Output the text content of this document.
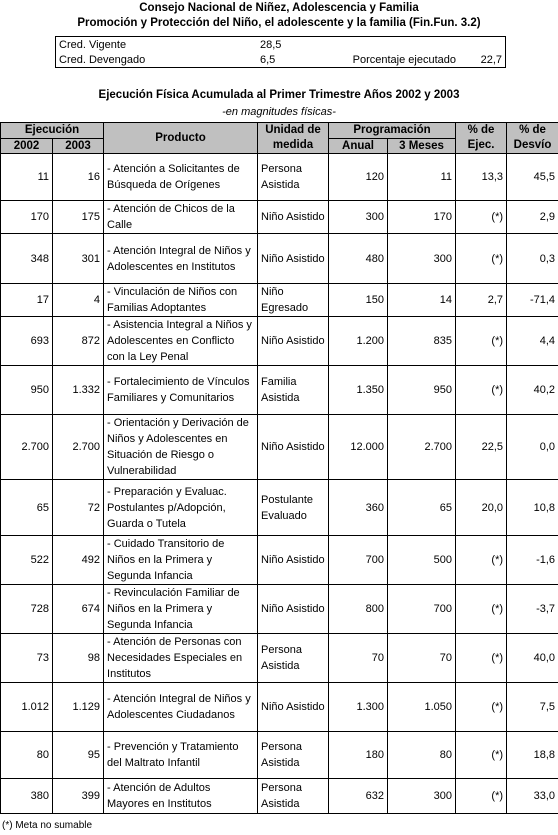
Consejo Nacional de Niñez, Adolescencia y Familia
Promoción y Protección del Niño, el adolescente y la familia (Fin.Fun. 3.2)
Cred. Vigente	28,5		
Cred. Devengado	6,5	Porcentaje ejecutado	22,7
Ejecución Física Acumulada al Primer Trimestre Años 2002 y 2003
-en magnitudes físicas-
Ejecución		Producto	Unidad de medida	Programación		% de Ejec.	% de Desvío
2002	2003			Anual	3 Meses		
11	16	- Atención a Solicitantes de Búsqueda de Orígenes	Persona Asistida	120	11	13,3	45,5
170	175	- Atención de Chicos de la Calle	Niño Asistido	300	170	(*)	2,9
348	301	- Atención Integral de Niños y Adolescentes en Institutos	Niño Asistido	480	300	(*)	0,3
17	4	- Vinculación de Niños con Familias Adoptantes	Niño Egresado	150	14	2,7	-71,4
693	872	- Asistencia Integral a Niños y Adolescentes en Conflicto con la Ley Penal	Niño Asistido	1.200	835	(*)	4,4
950	1.332	- Fortalecimiento de Vínculos Familiares y Comunitarios	Familia Asistida	1.350	950	(*)	40,2
2.700	2.700	- Orientación y Derivación de Niños y Adolescentes en Situación de Riesgo o Vulnerabilidad	Niño Asistido	12.000	2.700	22,5	0,0
65	72	- Preparación y Evaluac. Postulantes p/Adopción, Guarda o Tutela	Postulante Evaluado	360	65	20,0	10,8
522	492	- Cuidado Transitorio de Niños en la Primera y Segunda Infancia	Niño Asistido	700	500	(*)	-1,6
728	674	- Revinculación Familiar de Niños en la Primera y Segunda Infancia	Niño Asistido	800	700	(*)	-3,7
73	98	- Atención de Personas con Necesidades Especiales en Institutos	Persona Asistida	70	70	(*)	40,0
1.012	1.129	- Atención Integral de Niños y Adolescentes Ciudadanos	Niño Asistido	1.300	1.050	(*)	7,5
80	95	- Prevención y Tratamiento del Maltrato Infantil	Persona Asistida	180	80	(*)	18,8
380	399	- Atención de Adultos Mayores en Institutos	Persona Asistida	632	300	(*)	33,0
(*) Meta no sumable
